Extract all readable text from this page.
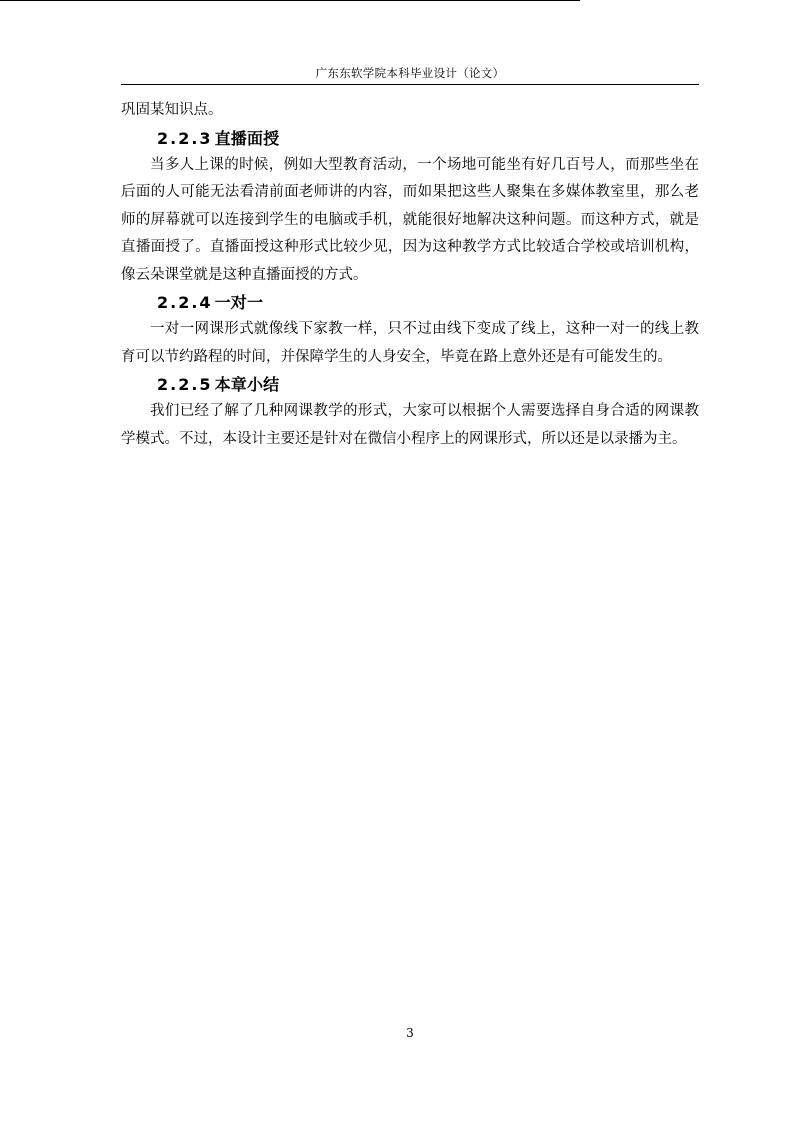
广东东软学院本科毕业设计（论文）

巩固某知识点。

2.2.3 直播面授

当多人上课的时候，例如大型教育活动，一个场地可能坐有好几百号人，而那些坐在后面的人可能无法看清前面老师讲的内容，而如果把这些人聚集在多媒体教室里，那么老师的屏幕就可以连接到学生的电脑或手机，就能很好地解决这种问题。而这种方式，就是直播面授了。直播面授这种形式比较少见，因为这种教学方式比较适合学校或培训机构，像云朵课堂就是这种直播面授的方式。

2.2.4 一对一

一对一网课形式就像线下家教一样，只不过由线下变成了线上，这种一对一的线上教育可以节约路程的时间，并保障学生的人身安全，毕竟在路上意外还是有可能发生的。

2.2.5 本章小结

我们已经了解了几种网课教学的形式，大家可以根据个人需要选择自身合适的网课教学模式。不过，本设计主要还是针对在微信小程序上的网课形式，所以还是以录播为主。

3
